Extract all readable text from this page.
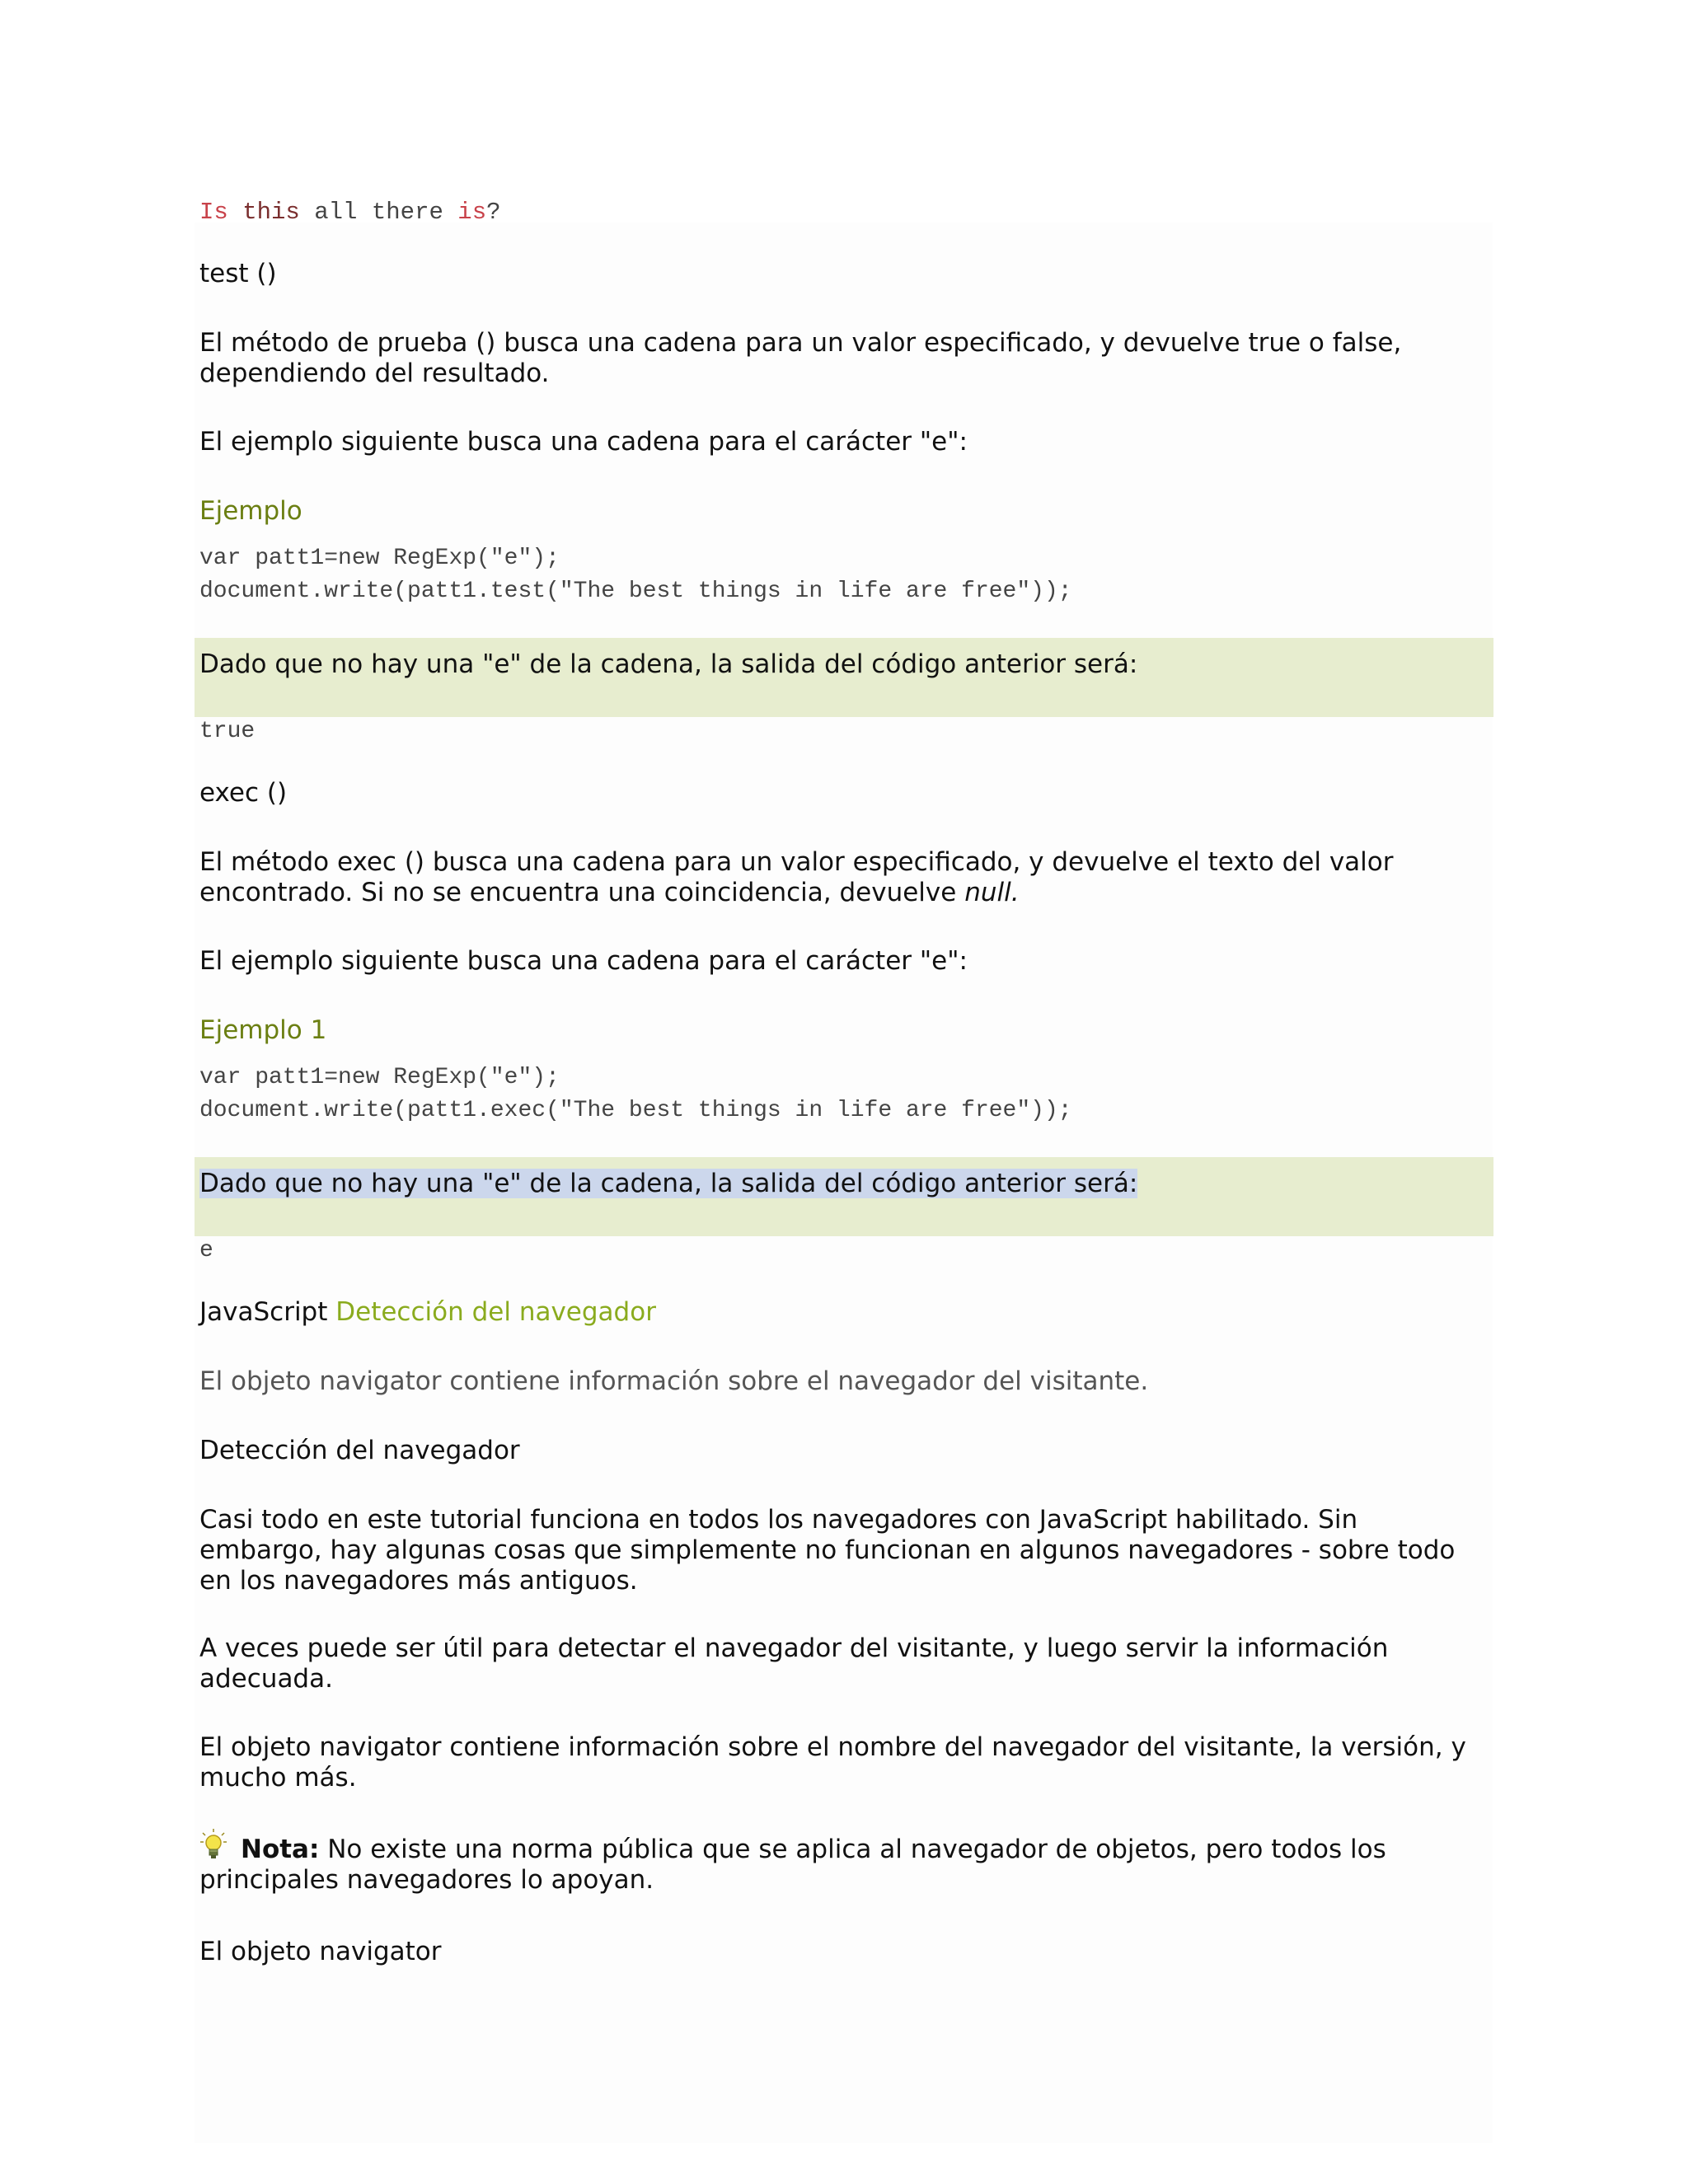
Is this all there is?

test ()

El método de prueba () busca una cadena para un valor especificado, y devuelve true o false, dependiendo del resultado.

El ejemplo siguiente busca una cadena para el carácter "e":

Ejemplo

var patt1=new RegExp("e");

document.write(patt1.test("The best things in life are free"));

Dado que no hay una "e" de la cadena, la salida del código anterior será:

true

exec ()

El método exec () busca una cadena para un valor especificado, y devuelve el texto del valor encontrado. Si no se encuentra una coincidencia, devuelve null.

El ejemplo siguiente busca una cadena para el carácter "e":

Ejemplo 1

var patt1=new RegExp("e");

document.write(patt1.exec("The best things in life are free"));

Dado que no hay una "e" de la cadena, la salida del código anterior será:

e

JavaScript Detección del navegador

El objeto navigator contiene información sobre el navegador del visitante.

Detección del navegador

Casi todo en este tutorial funciona en todos los navegadores con JavaScript habilitado. Sin embargo, hay algunas cosas que simplemente no funcionan en algunos navegadores - sobre todo en los navegadores más antiguos.

A veces puede ser útil para detectar el navegador del visitante, y luego servir la información adecuada.

El objeto navigator contiene información sobre el nombre del navegador del visitante, la versión, y mucho más.

Nota: No existe una norma pública que se aplica al navegador de objetos, pero todos los principales navegadores lo apoyan.

El objeto navigator
